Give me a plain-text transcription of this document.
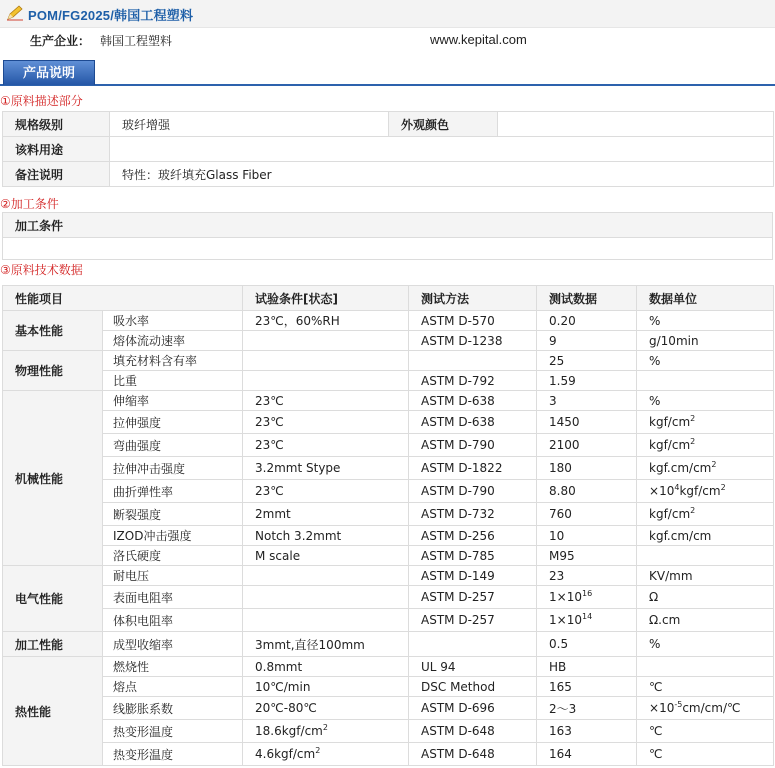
POM/FG2025/韩国工程塑料
生产企业： 韩国工程塑料	www.kepital.com
产品说明
①原料描述部分
规格级别	玻纤增强	外观颜色	
该料用途			
备注说明	特性：玻纤填充Glass Fiber		
②加工条件
加工条件

③原料技术数据
性能项目		试验条件[状态]	测试方法	测试数据	数据单位
基本性能	吸水率	23℃，60%RH	ASTM D-570	0.20	%
	熔体流动速率		ASTM D-1238	9	g/10min
物理性能	填充材料含有率			25	%
	比重		ASTM D-792	1.59	
机械性能	伸缩率	23℃	ASTM D-638	3	%
	拉伸强度	23℃	ASTM D-638	1450	kgf/$cm^2$
	弯曲强度	23℃	ASTM D-790	2100	kgf/$cm^2$
	拉伸冲击强度	3.2mmt Stype	ASTM D-1822	180	$kgf.cm/cm^2$
	曲折弹性率	23℃	ASTM D-790	8.80	$\times 10^4kgf/cm^2$
	断裂强度	2mmt	ASTM D-732	760	kgf/$cm^2$
	IZOD冲击强度	Notch 3.2mmt	ASTM D-256	10	kgf.cm/cm
	洛氏硬度	M scale	ASTM D-785	M95	
电气性能	耐电压		ASTM D-149	23	KV/mm
	表面电阻率		ASTM D-257	$1\times 10^{16}$	Ω
	体积电阻率		ASTM D-257	$1\times 10^{14}$	Ω.cm
加工性能	成型收缩率	3mmt,直径100mm		0.5	%
热性能	燃烧性	0.8mmt	UL 94	HB	
	熔点	10℃/min	DSC Method	165	℃
	线膨胀系数	20℃-80℃	ASTM D-696	2～3	$\times 10^{-5}cm/cm/℃$
	热变形温度	$18.6kgf/cm^2$	ASTM D-648	163	℃
	热变形温度	$4.6kgf/cm^2$	ASTM D-648	164	℃
